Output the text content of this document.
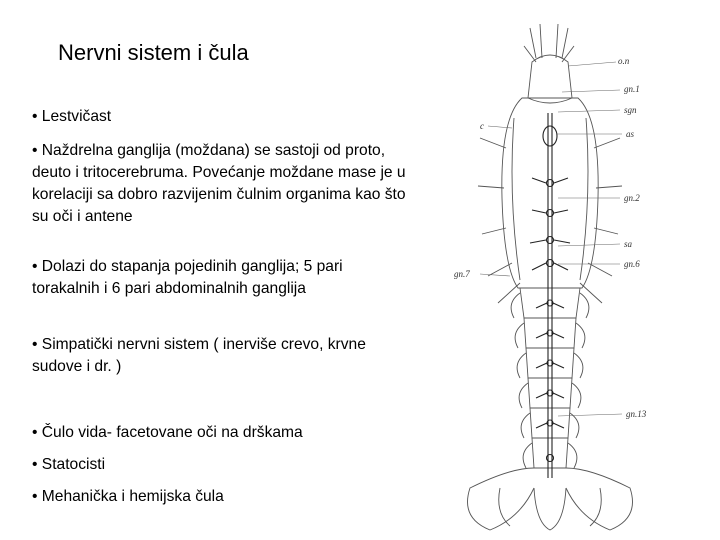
Nervni sistem i čula
• Lestvičast
• Naždrelna ganglija (moždana) se sastoji od proto, deuto i tritocerebruma. Povećanje moždane mase je u korelaciji sa dobro razvijenim čulnim organima kao što su oči i antene
• Dolazi do stapanja pojedinih ganglija; 5 pari torakalnih i 6 pari abdominalnih ganglija
• Simpatički nervni sistem ( inerviše crevo, krvne sudove i dr. )
• Čulo vida- facetovane oči na drškama
• Statocisti
• Mehanička i hemijska čula
o.n
gn.1
sgn
c
as
gn.2
sa
gn.6
gn.7
gn.13
